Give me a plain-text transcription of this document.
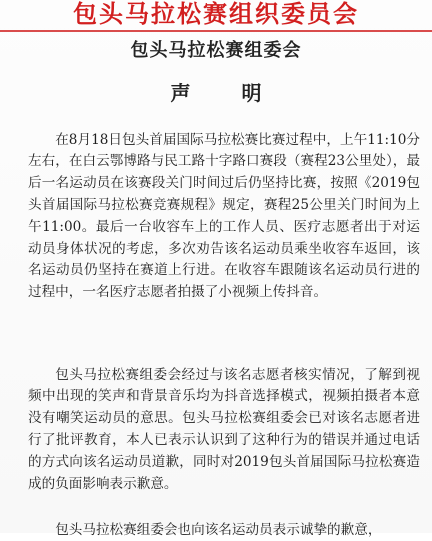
包头马拉松赛组织委员会
包头马拉松赛组委会
声 明

在8月18日包头首届国际马拉松赛比赛过程中，上午11:10分左右，在白云鄂博路与民工路十字路口赛段（赛程23公里处），最后一名运动员在该赛段关门时间过后仍坚持比赛，按照《2019包头首届国际马拉松赛竞赛规程》规定，赛程25公里关门时间为上午11:00。最后一台收容车上的工作人员、医疗志愿者出于对运动员身体状况的考虑，多次劝告该名运动员乘坐收容车返回，该名运动员仍坚持在赛道上行进。在收容车跟随该名运动员行进的过程中，一名医疗志愿者拍摄了小视频上传抖音。

包头马拉松赛组委会经过与该名志愿者核实情况，了解到视频中出现的笑声和背景音乐均为抖音选择模式，视频拍摄者本意没有嘲笑运动员的意思。包头马拉松赛组委会已对该名志愿者进行了批评教育，本人已表示认识到了这种行为的错误并通过电话的方式向该名运动员道歉，同时对2019包头首届国际马拉松赛造成的负面影响表示歉意。

包头马拉松赛组委会也向该名运动员表示诚挚的歉意，
